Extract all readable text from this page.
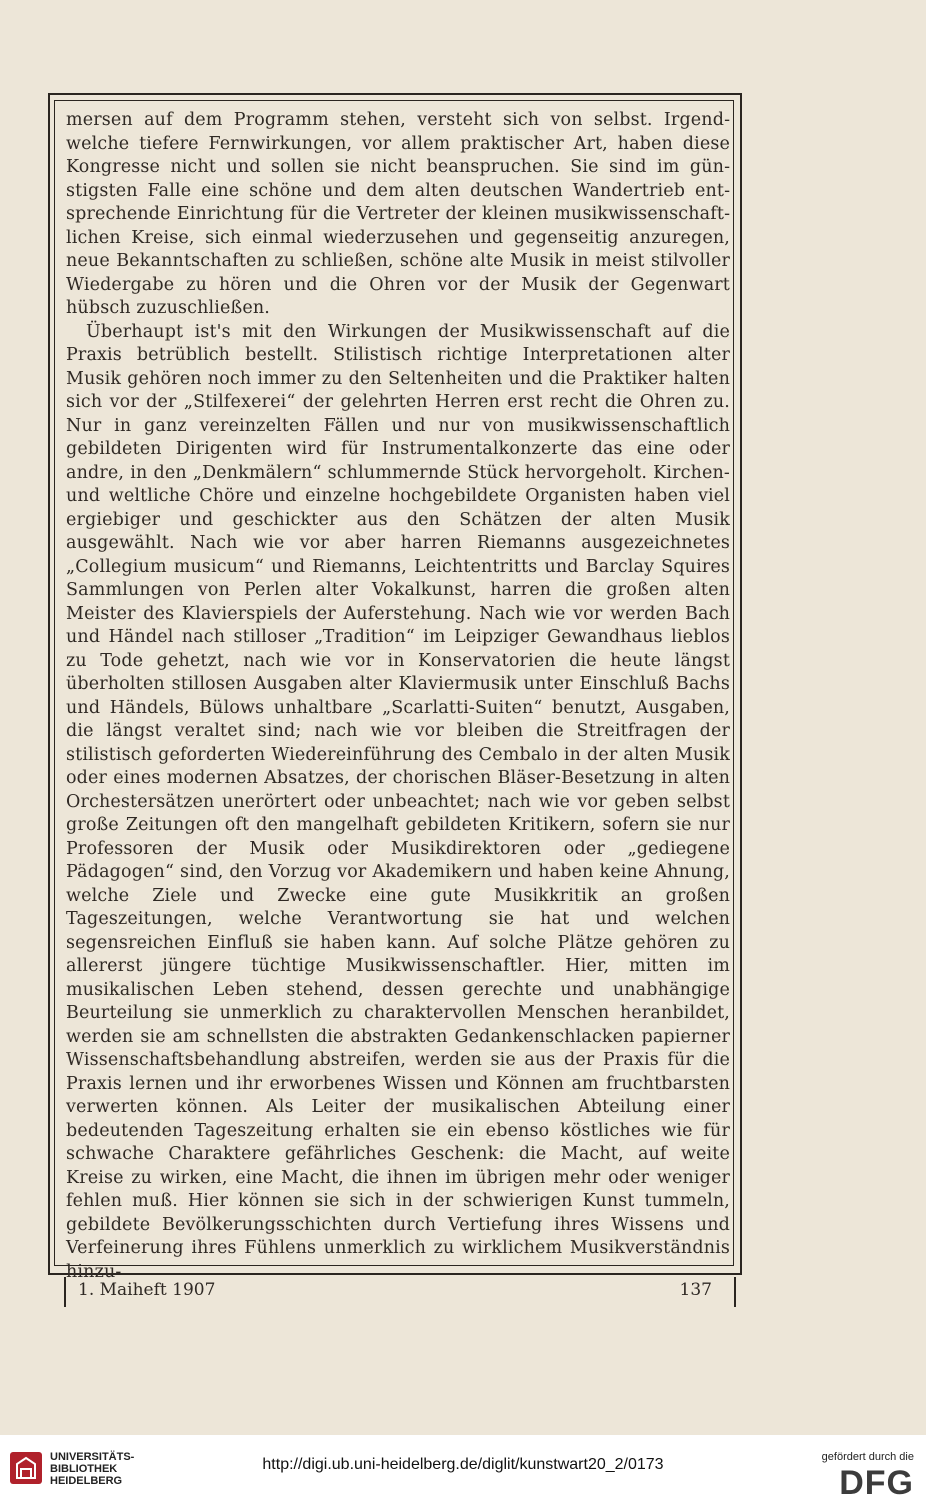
mersen auf dem Programm stehen, versteht sich von selbst. Irgendwelche tiefere Fernwirkungen, vor allem praktischer Art, haben diese Kongresse nicht und sollen sie nicht beanspruchen. Sie sind im günstigsten Falle eine schöne und dem alten deutschen Wandertrieb entsprechende Einrichtung für die Vertreter der kleinen musikwissenschaftlichen Kreise, sich einmal wiederzusehen und gegenseitig anzuregen, neue Bekanntschaften zu schließen, schöne alte Musik in meist stilvoller Wiedergabe zu hören und die Ohren vor der Musik der Gegenwart hübsch zuzuschließen.

Überhaupt ist's mit den Wirkungen der Musikwissenschaft auf die Praxis betrüblich bestellt. Stilistisch richtige Interpretationen alter Musik gehören noch immer zu den Seltenheiten und die Praktiker halten sich vor der „Stilfexerei“ der gelehrten Herren erst recht die Ohren zu. Nur in ganz vereinzelten Fällen und nur von musikwissenschaftlich gebildeten Dirigenten wird für Instrumentalkonzerte das eine oder andre, in den „Denkmälern“ schlummernde Stück hervorgeholt. Kirchen- und weltliche Chöre und einzelne hochgebildete Organisten haben viel ergiebiger und geschickter aus den Schätzen der alten Musik ausgewählt. Nach wie vor aber harren Riemanns ausgezeichnetes „Collegium musicum“ und Riemanns, Leichtentritts und Barclay Squires Sammlungen von Perlen alter Vokalkunst, harren die großen alten Meister des Klavierspiels der Auferstehung. Nach wie vor werden Bach und Händel nach stilloser „Tradition“ im Leipziger Gewandhaus lieblos zu Tode gehetzt, nach wie vor in Konservatorien die heute längst überholten stillosen Ausgaben alter Klaviermusik unter Einschluß Bachs und Händels, Bülows unhaltbare „Scarlatti-Suiten“ benutzt, Ausgaben, die längst veraltet sind; nach wie vor bleiben die Streitfragen der stilistisch geforderten Wiedereinführung des Cembalo in der alten Musik oder eines modernen Absatzes, der chorischen Bläser-Besetzung in alten Orchestersätzen unerörtert oder unbeachtet; nach wie vor geben selbst große Zeitungen oft den mangelhaft gebildeten Kritikern, sofern sie nur Professoren der Musik oder Musikdirektoren oder „gediegene Pädagogen“ sind, den Vorzug vor Akademikern und haben keine Ahnung, welche Ziele und Zwecke eine gute Musikkritik an großen Tageszeitungen, welche Verantwortung sie hat und welchen segensreichen Einfluß sie haben kann. Auf solche Plätze gehören zu allererst jüngere tüchtige Musikwissenschaftler. Hier, mitten im musikalischen Leben stehend, dessen gerechte und unabhängige Beurteilung sie unmerklich zu charaktervollen Menschen heranbildet, werden sie am schnellsten die abstrakten Gedankenschlacken papierner Wissenschaftsbehandlung abstreifen, werden sie aus der Praxis für die Praxis lernen und ihr erworbenes Wissen und Können am fruchtbarsten verwerten können. Als Leiter der musikalischen Abteilung einer bedeutenden Tageszeitung erhalten sie ein ebenso köstliches wie für schwache Charaktere gefährliches Geschenk: die Macht, auf weite Kreise zu wirken, eine Macht, die ihnen im übrigen mehr oder weniger fehlen muß. Hier können sie sich in der schwierigen Kunst tummeln, gebildete Bevölkerungsschichten durch Vertiefung ihres Wissens und Verfeinerung ihres Fühlens unmerklich zu wirklichem Musikverständnis hinzu-

1. Maiheft 1907	137
UNIVERSITÄTS-
BIBLIOTHEK
HEIDELBERG
http://digi.ub.uni-heidelberg.de/diglit/kunstwart20_2/0173	gefördert durch die
DFG
